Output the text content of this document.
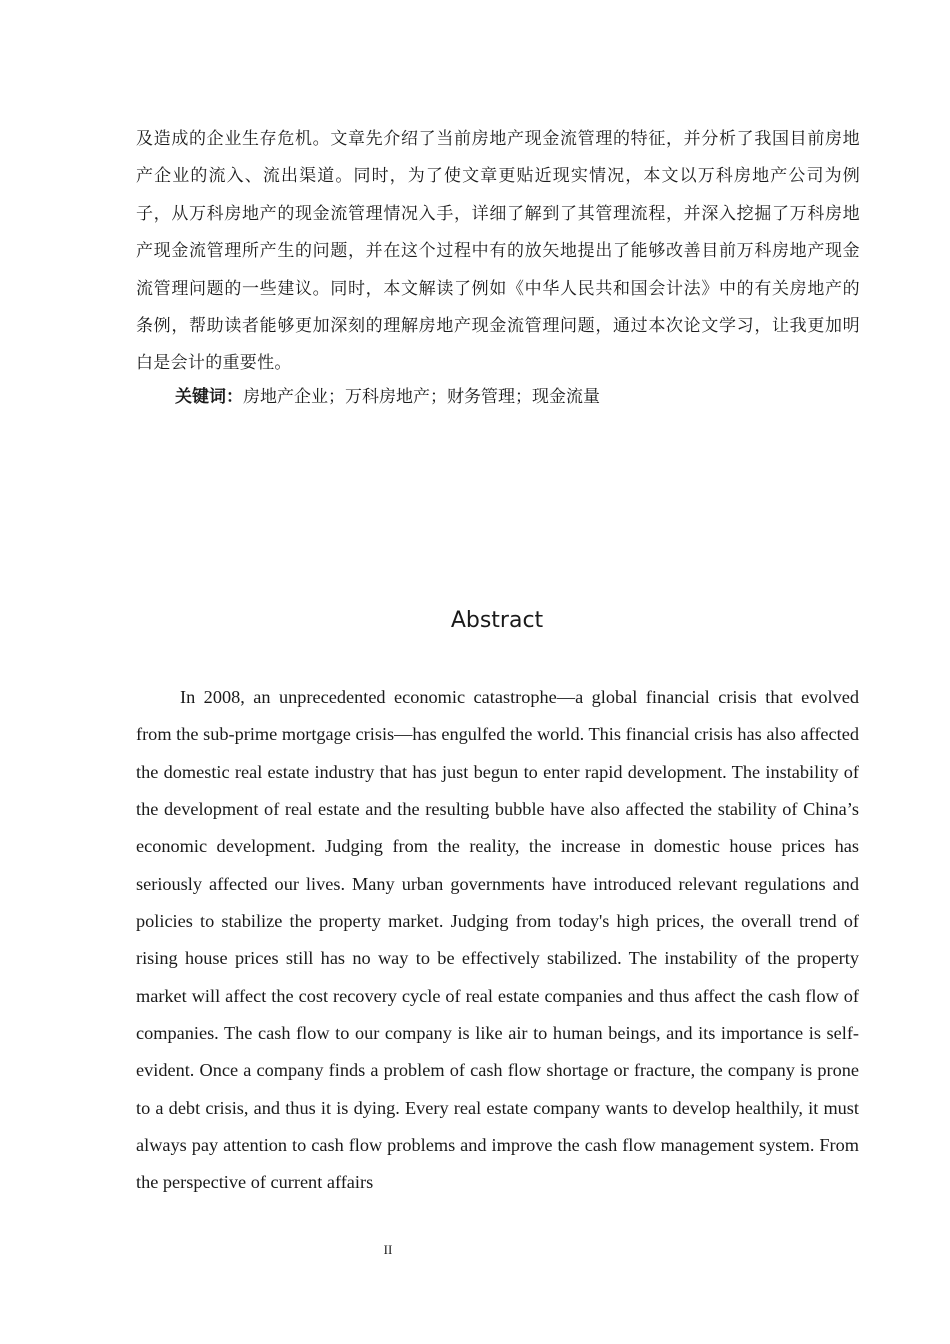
及造成的企业生存危机。文章先介绍了当前房地产现金流管理的特征，并分析了我国目前房地产企业的流入、流出渠道。同时，为了使文章更贴近现实情况，本文以万科房地产公司为例子，从万科房地产的现金流管理情况入手，详细了解到了其管理流程，并深入挖掘了万科房地产现金流管理所产生的问题，并在这个过程中有的放矢地提出了能够改善目前万科房地产现金流管理问题的一些建议。同时，本文解读了例如《中华人民共和国会计法》中的有关房地产的条例，帮助读者能够更加深刻的理解房地产现金流管理问题，通过本次论文学习，让我更加明白是会计的重要性。

关键词：房地产企业；万科房地产；财务管理；现金流量
Abstract

In 2008, an unprecedented economic catastrophe—a global financial crisis that evolved from the sub-prime mortgage crisis—has engulfed the world. This financial crisis has also affected the domestic real estate industry that has just begun to enter rapid development. The instability of the development of real estate and the resulting bubble have also affected the stability of China’s economic development. Judging from the reality, the increase in domestic house prices has seriously affected our lives. Many urban governments have introduced relevant regulations and policies to stabilize the property market. Judging from today's high prices, the overall trend of rising house prices still has no way to be effectively stabilized. The instability of the property market will affect the cost recovery cycle of real estate companies and thus affect the cash flow of companies. The cash flow to our company is like air to human beings, and its importance is self-evident. Once a company finds a problem of cash flow shortage or fracture, the company is prone to a debt crisis, and thus it is dying. Every real estate company wants to develop healthily, it must always pay attention to cash flow problems and improve the cash flow management system. From the perspective of current affairs

II
